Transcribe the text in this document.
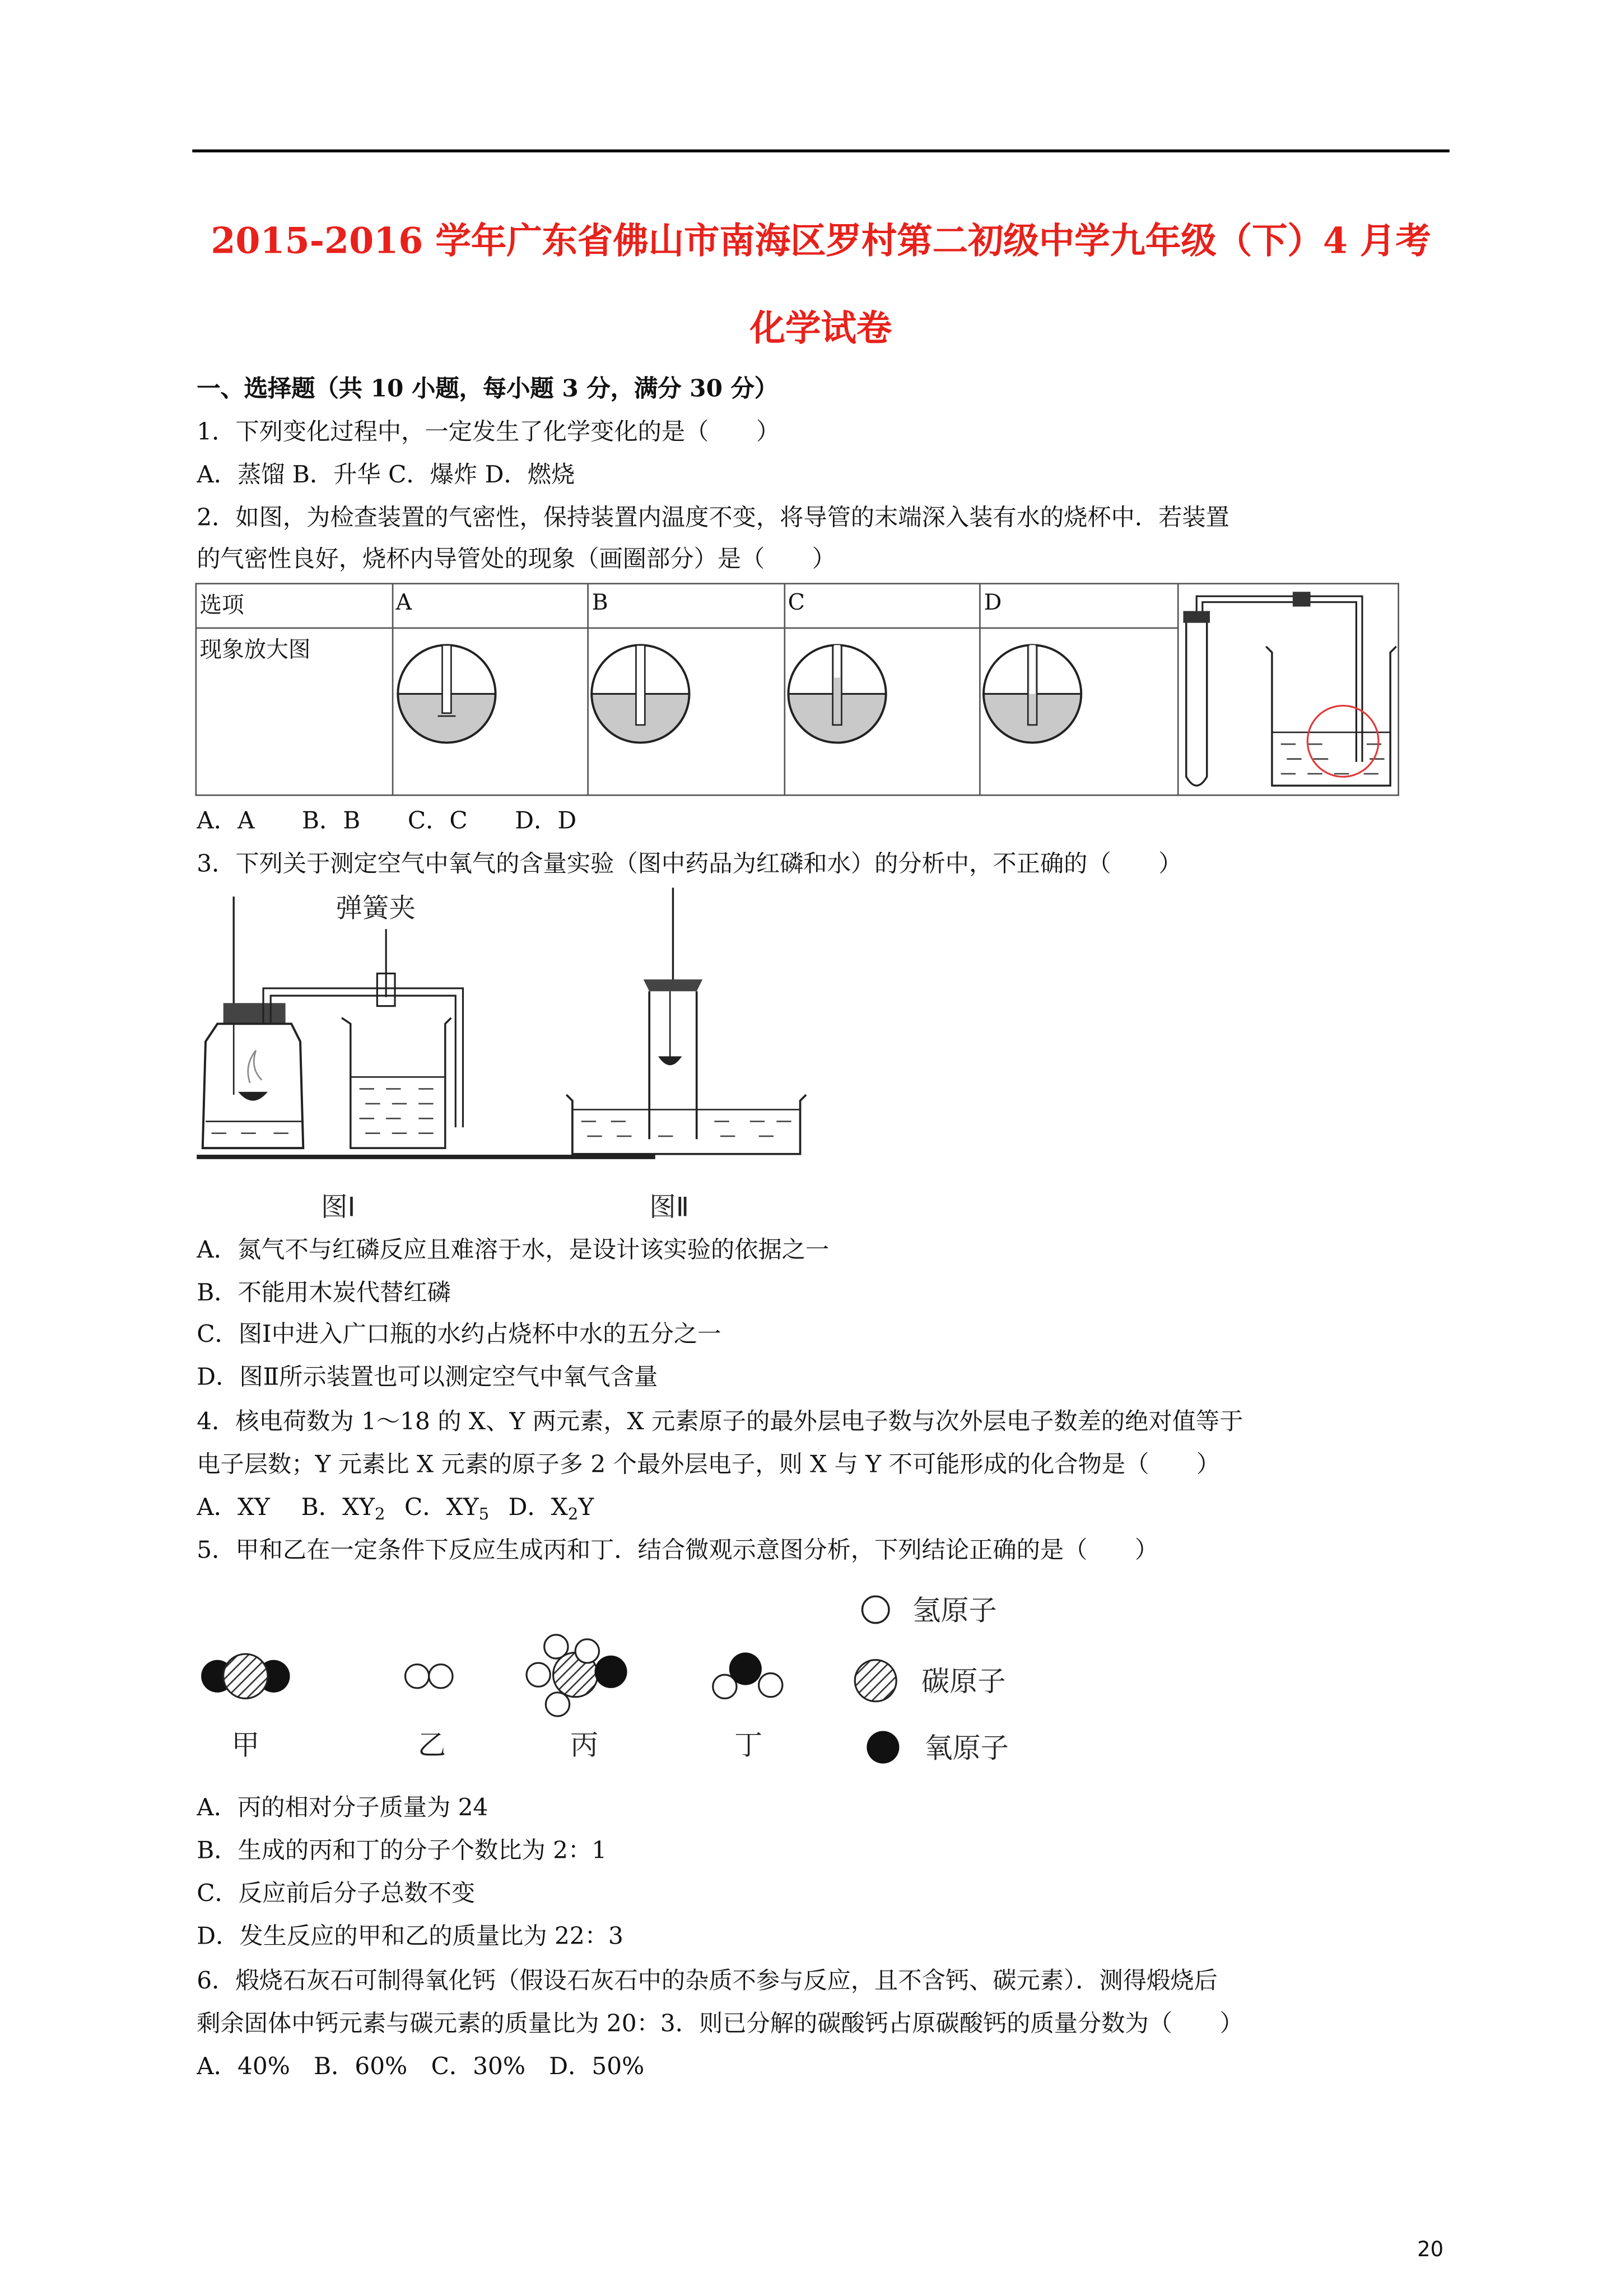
2015-2016 学年广东省佛山市南海区罗村第二初级中学九年级（下）4 月考
化学试卷
一、选择题（共 10 小题，每小题 3 分，满分 30 分）
1．下列变化过程中，一定发生了化学变化的是（　　）
A．蒸馏 B．升华 C．爆炸 D．燃烧
2．如图，为检查装置的气密性，保持装置内温度不变，将导管的末端深入装有水的烧杯中．若装置
的气密性良好，烧杯内导管处的现象（画圈部分）是（　　）
选项	A	B	C	D	
现象放大图					
A．A　　B．B　　C．C　　D．D
3．下列关于测定空气中氧气的含量实验（图中药品为红磷和水）的分析中，不正确的（　　）
弹簧夹
图Ⅰ	图Ⅱ
A．氮气不与红磷反应且难溶于水，是设计该实验的依据之一
B．不能用木炭代替红磷
C．图Ⅰ中进入广口瓶的水约占烧杯中水的五分之一
D．图Ⅱ所示装置也可以测定空气中氧气含量
4．核电荷数为 1～18 的 X、Y 两元素，X 元素原子的最外层电子数与次外层电子数差的绝对值等于
电子层数；Y 元素比 X 元素的原子多 2 个最外层电子，则 X 与 Y 不可能形成的化合物是（　　）
A．XY　	B．$XY_2$  C．$XY_5$  D．$X_2Y$
5．甲和乙在一定条件下反应生成丙和丁．结合微观示意图分析，下列结论正确的是（　　）
甲	乙	丙	丁
氢原子
碳原子
氧原子
A．丙的相对分子质量为 24
B．生成的丙和丁的分子个数比为 2：1
C．反应前后分子总数不变
D．发生反应的甲和乙的质量比为 22：3
6．煅烧石灰石可制得氧化钙（假设石灰石中的杂质不参与反应，且不含钙、碳元素）．测得煅烧后
剩余固体中钙元素与碳元素的质量比为 20：3．则已分解的碳酸钙占原碳酸钙的质量分数为（　　）
A．40%　B．60%　C．30%　D．50%
20
